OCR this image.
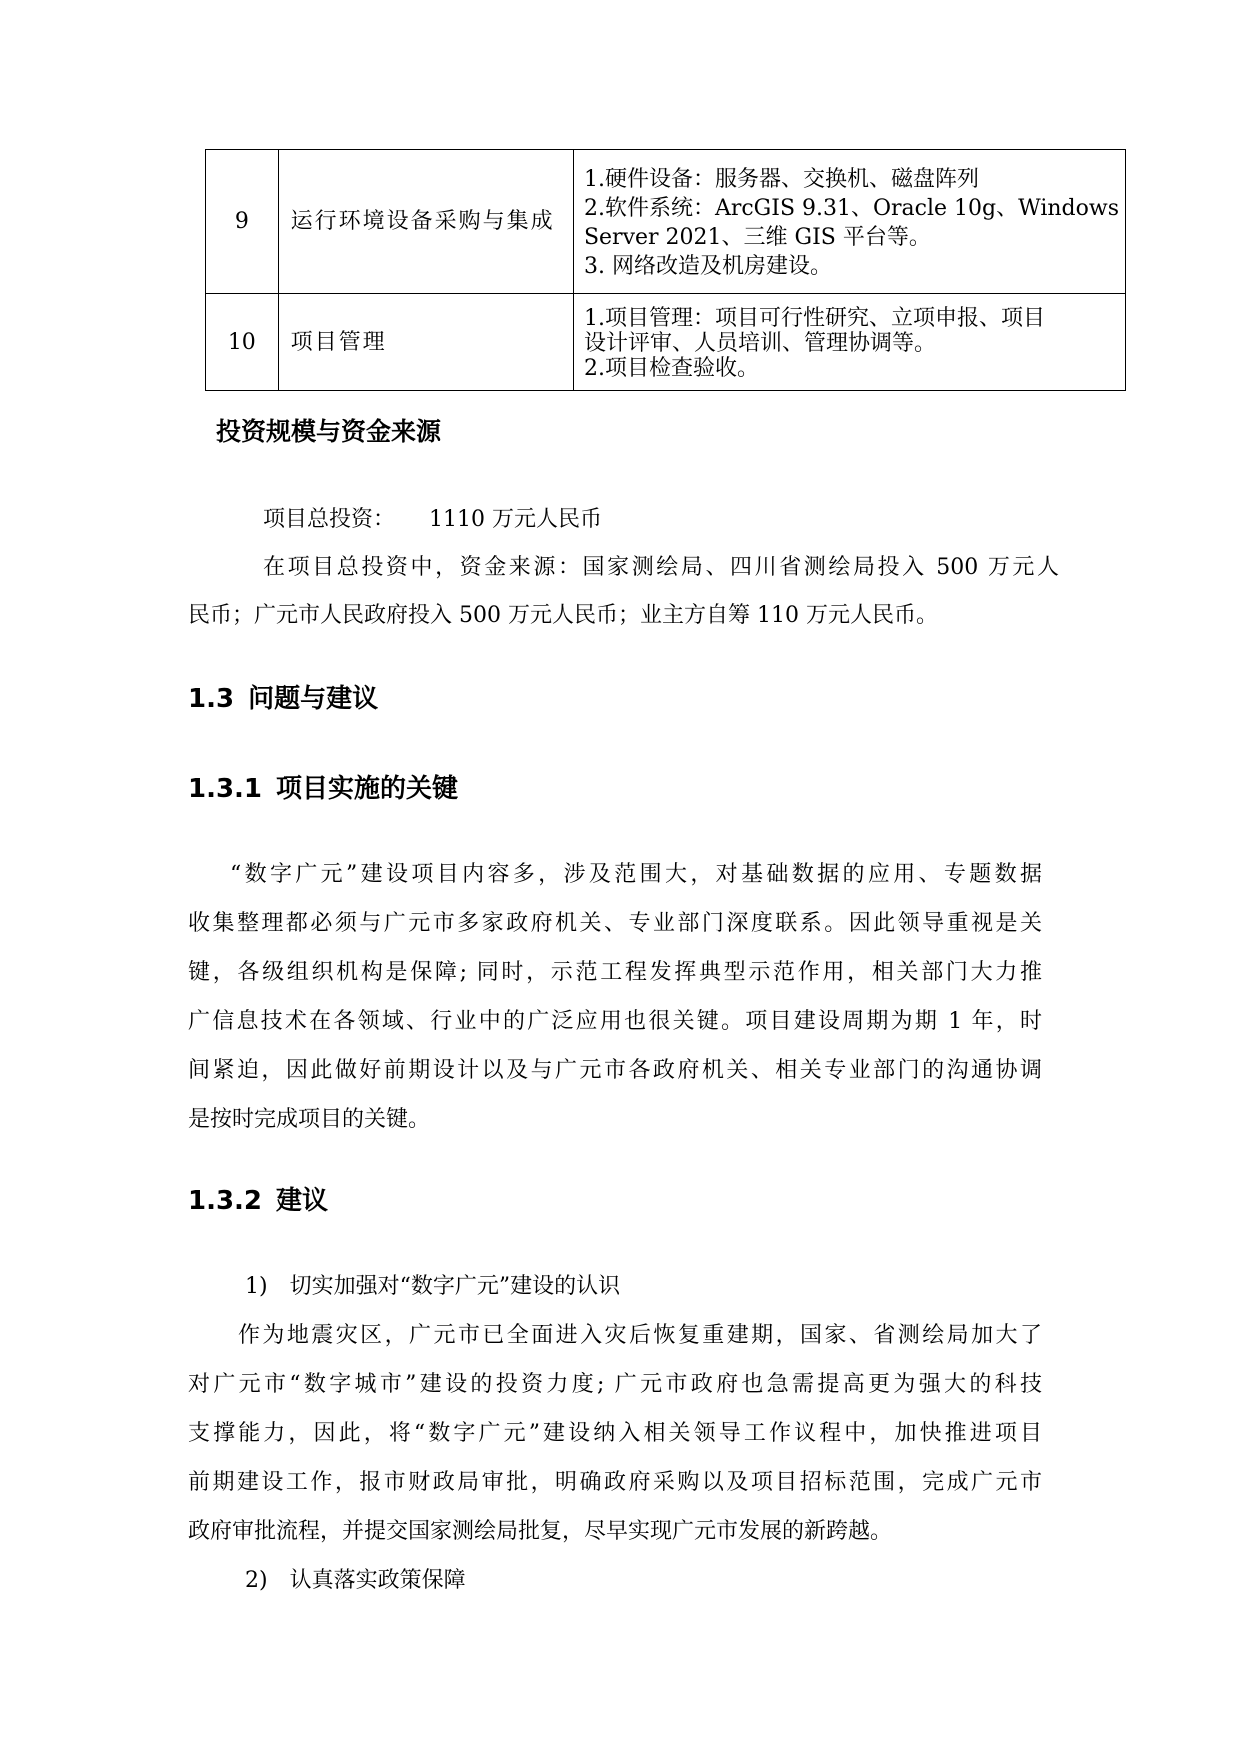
9	运行环境设备采购与集成	1.硬件设备：服务器、交换机、磁盘阵列
2.软件系统：ArcGIS 9.31、Oracle 10g、Windows
Server 2021、三维 GIS 平台等。
3. 网络改造及机房建设。

10	项目管理	1.项目管理：项目可行性研究、立项申报、项目
设计评审、人员培训、管理协调等。
2.项目检查验收。
投资规模与资金来源
项目总投资： 1110 万元人民币
在项目总投资中，资金来源：国家测绘局、四川省测绘局投入 500 万元人
民币；广元市人民政府投入 500 万元人民币；业主方自筹 110 万元人民币。
1.3 问题与建议
1.3.1 项目实施的关键
“数字广元”建设项目内容多，涉及范围大，对基础数据的应用、专题数据
收集整理都必须与广元市多家政府机关、专业部门深度联系。因此领导重视是关
键，各级组织机构是保障; 同时，示范工程发挥典型示范作用，相关部门大力推
广信息技术在各领域、行业中的广泛应用也很关键。项目建设周期为期 1 年，时
间紧迫，因此做好前期设计以及与广元市各政府机关、相关专业部门的沟通协调
是按时完成项目的关键。
1.3.2 建议
1) 切实加强对“数字广元”建设的认识
作为地震灾区，广元市已全面进入灾后恢复重建期，国家、省测绘局加大了
对广元市“数字城市”建设的投资力度; 广元市政府也急需提高更为强大的科技
支撑能力，因此，将“数字广元”建设纳入相关领导工作议程中，加快推进项目
前期建设工作，报市财政局审批，明确政府采购以及项目招标范围，完成广元市
政府审批流程，并提交国家测绘局批复，尽早实现广元市发展的新跨越。
2) 认真落实政策保障
